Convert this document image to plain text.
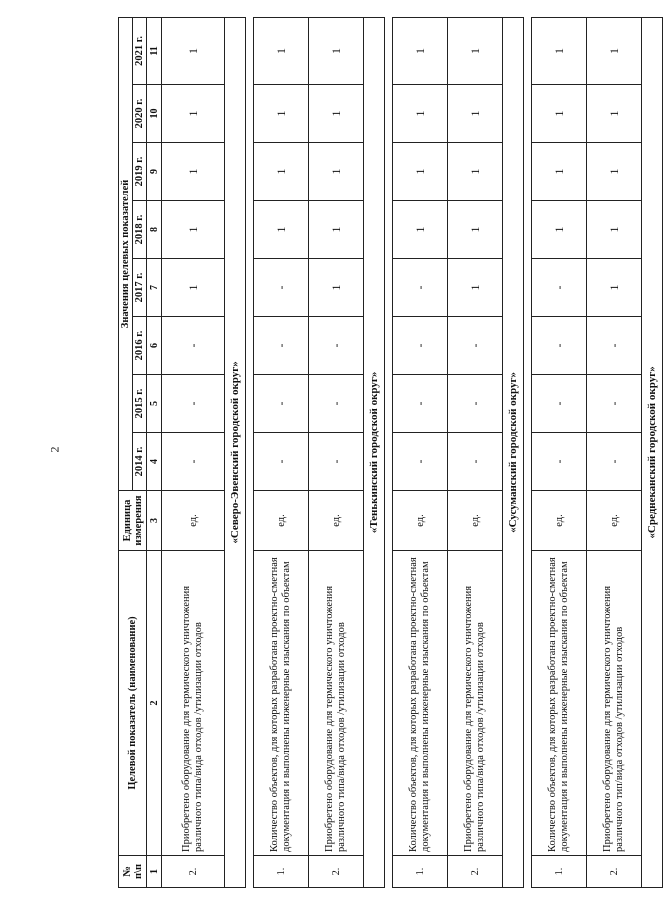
2
№ п\п	Целевой показатель (наименование)	Единица измерения	Значения целевых показателей							
			2014 г.	2015 г.	2016 г.	2017 г.	2018 г.	2019 г.	2020 г.	2021 г.
1	2	3	4	5	6	7	8	9	10	11
2.	Приобретено оборудование для термического уничтожения различного типа/вида отходов /утилизации отходов	ед.	-	-	-	1	1	1	1	1
«Северо-Эвенский городской округ»										

1.	Количество объектов, для которых разработана проектно-сметная документация и выполнены инженерные изыскания по объектам	ед.	-	-	-	-	1	1	1	1
2.	Приобретено оборудование для термического уничтожения различного типа/вида отходов /утилизации отходов	ед.	-	-	-	1	1	1	1	1
«Тенькинский городской округ»										

1.	Количество объектов, для которых разработана проектно-сметная документация и выполнены инженерные изыскания по объектам	ед.	-	-	-	-	1	1	1	1
2.	Приобретено оборудование для термического уничтожения различного типа/вида отходов /утилизации отходов	ед.	-	-	-	1	1	1	1	1
«Сусуманский городской округ»										

1.	Количество объектов, для которых разработана проектно-сметная документация и выполнены инженерные изыскания по объектам	ед.	-	-	-	-	1	1	1	1
2.	Приобретено оборудование для термического уничтожения различного тип/вида отходов /утилизации отходов	ед.	-	-	-	1	1	1	1	1
«Среднеканский городской округ»										
